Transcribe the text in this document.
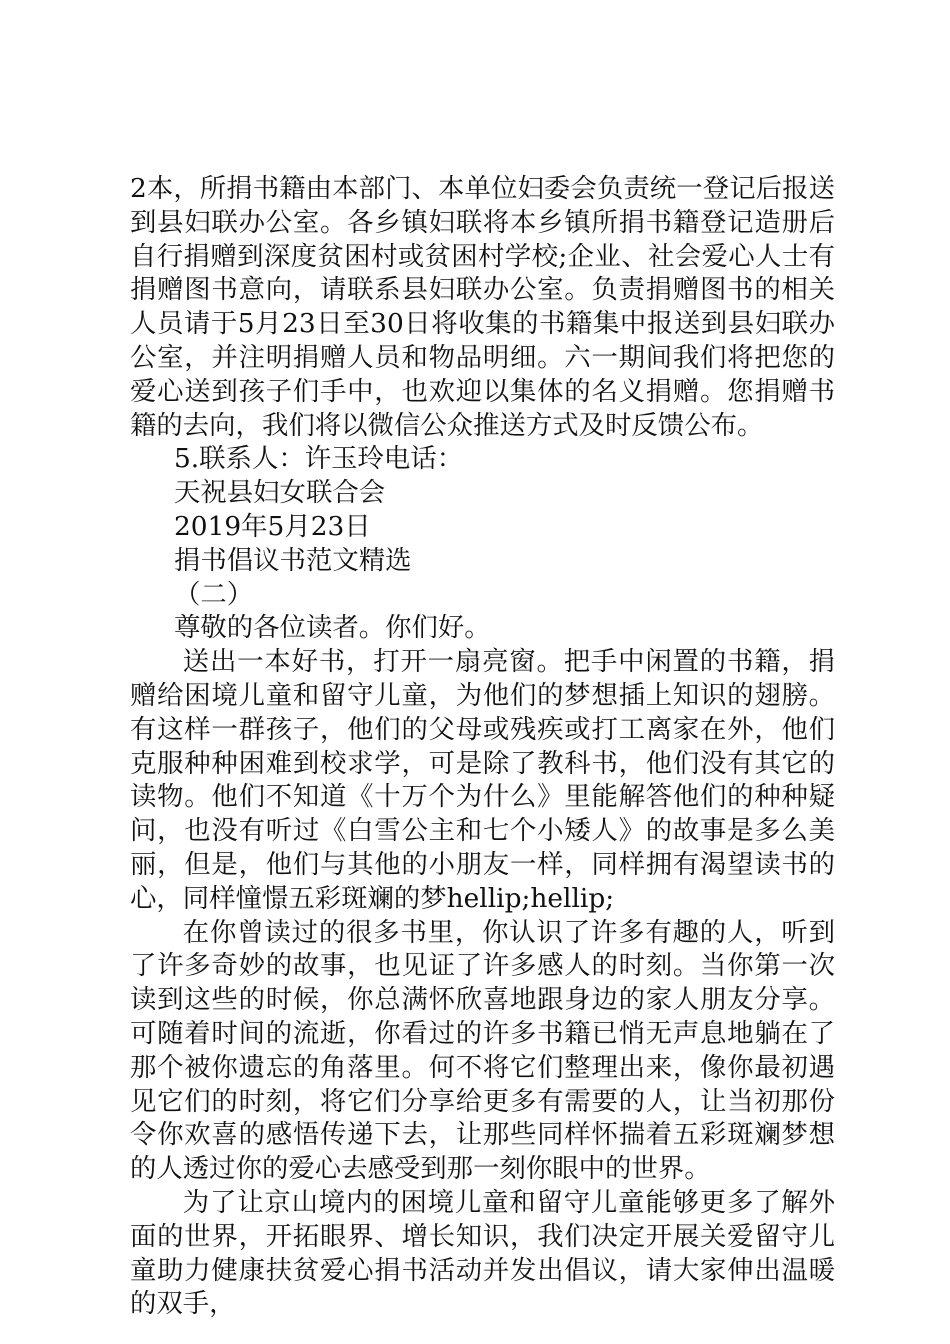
2本，所捐书籍由本部门、本单位妇委会负责统一登记后报送到县妇联办公室。各乡镇妇联将本乡镇所捐书籍登记造册后自行捐赠到深度贫困村或贫困村学校;企业、社会爱心人士有捐赠图书意向，请联系县妇联办公室。负责捐赠图书的相关人员请于5月23日至30日将收集的书籍集中报送到县妇联办公室，并注明捐赠人员和物品明细。六一期间我们将把您的爱心送到孩子们手中，也欢迎以集体的名义捐赠。您捐赠书籍的去向，我们将以微信公众推送方式及时反馈公布。

5.联系人：许玉玲电话：

天祝县妇女联合会

2019年5月23日

捐书倡议书范文精选

（二）

尊敬的各位读者。你们好。

送出一本好书，打开一扇亮窗。把手中闲置的书籍，捐赠给困境儿童和留守儿童，为他们的梦想插上知识的翅膀。有这样一群孩子，他们的父母或残疾或打工离家在外，他们克服种种困难到校求学，可是除了教科书，他们没有其它的读物。他们不知道《十万个为什么》里能解答他们的种种疑问，也没有听过《白雪公主和七个小矮人》的故事是多么美丽，但是，他们与其他的小朋友一样，同样拥有渴望读书的心，同样憧憬五彩斑斓的梦hellip;hellip;

在你曾读过的很多书里，你认识了许多有趣的人，听到了许多奇妙的故事，也见证了许多感人的时刻。当你第一次读到这些的时候，你总满怀欣喜地跟身边的家人朋友分享。可随着时间的流逝，你看过的许多书籍已悄无声息地躺在了那个被你遗忘的角落里。何不将它们整理出来，像你最初遇见它们的时刻，将它们分享给更多有需要的人，让当初那份令你欢喜的感悟传递下去，让那些同样怀揣着五彩斑斓梦想的人透过你的爱心去感受到那一刻你眼中的世界。

为了让京山境内的困境儿童和留守儿童能够更多了解外面的世界，开拓眼界、增长知识，我们决定开展关爱留守儿童助力健康扶贫爱心捐书活动并发出倡议，请大家伸出温暖的双手，
